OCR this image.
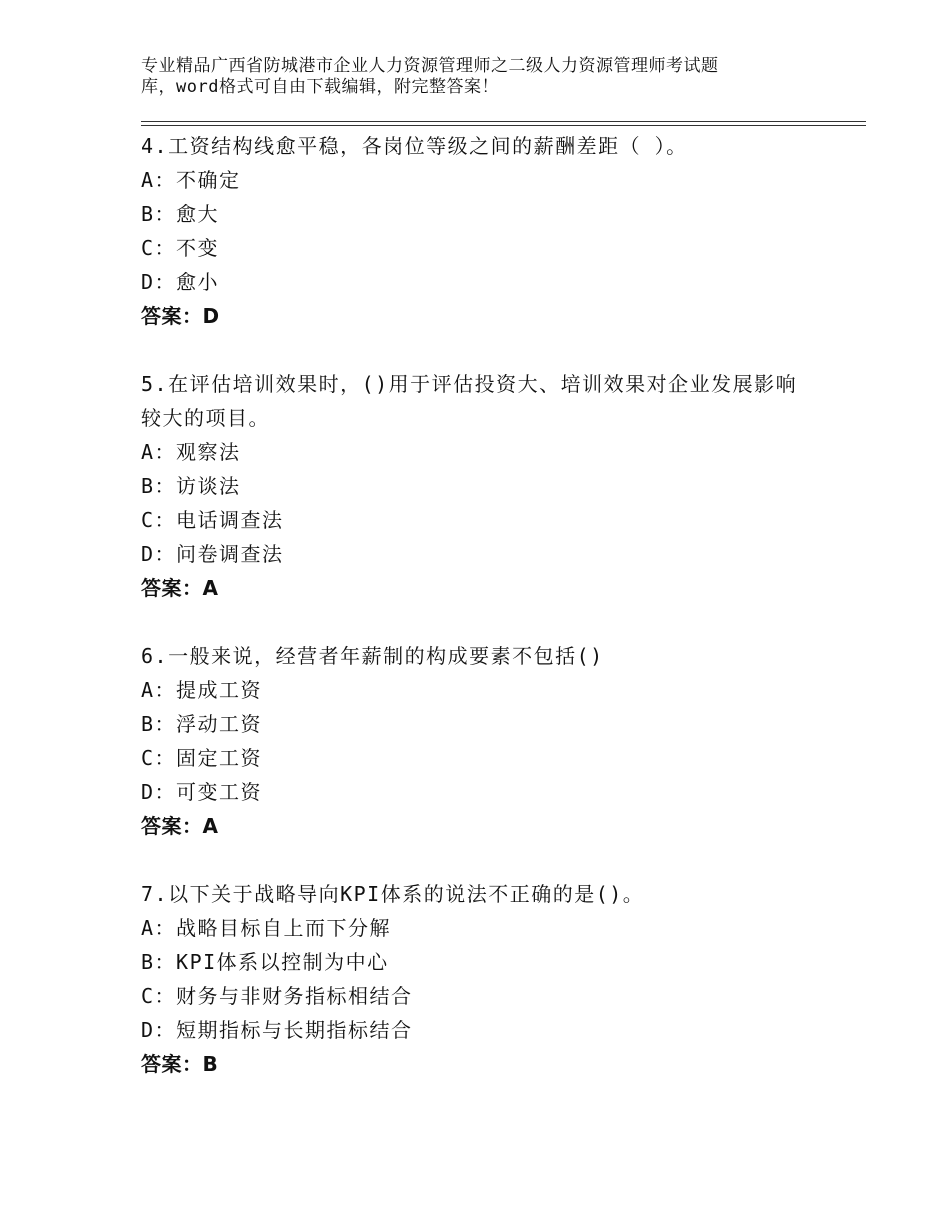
专业精品广西省防城港市企业人力资源管理师之二级人力资源管理师考试题
库，word格式可自由下载编辑，附完整答案！
4.工资结构线愈平稳，各岗位等级之间的薪酬差距（ ）。
A：不确定
B：愈大
C：不变
D：愈小
答案：D
5.在评估培训效果时，()用于评估投资大、培训效果对企业发展影响
较大的项目。
A：观察法
B：访谈法
C：电话调查法
D：问卷调查法
答案：A
6.一般来说，经营者年薪制的构成要素不包括()
A：提成工资
B：浮动工资
C：固定工资
D：可变工资
答案：A
7.以下关于战略导向KPI体系的说法不正确的是()。
A：战略目标自上而下分解
B：KPI体系以控制为中心
C：财务与非财务指标相结合
D：短期指标与长期指标结合
答案：B
